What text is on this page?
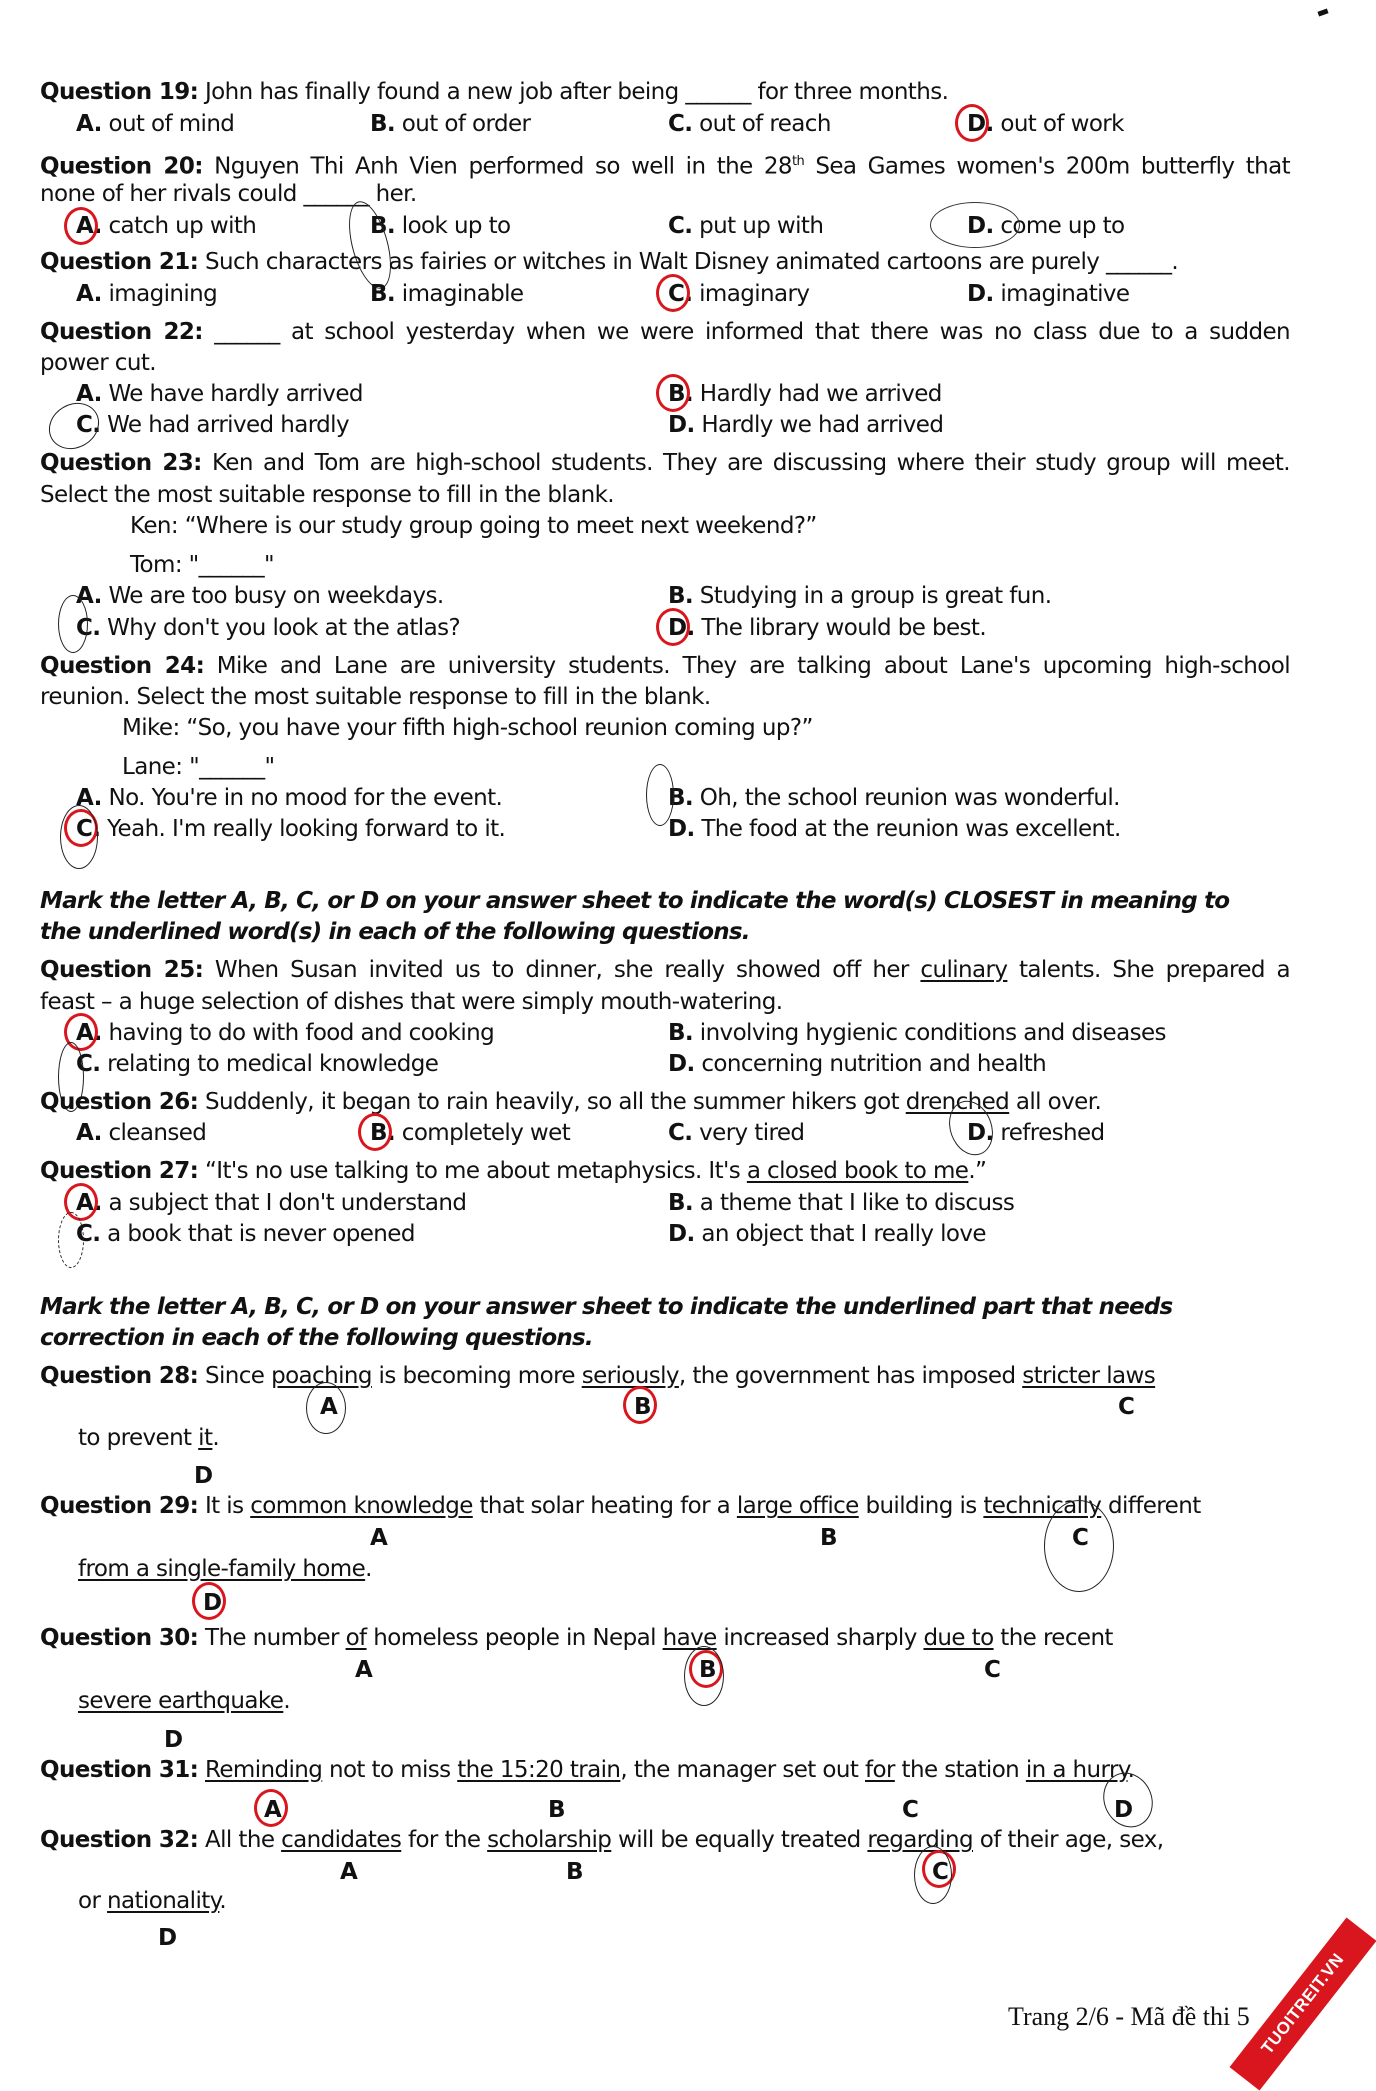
Question 19: John has finally found a new job after being ______ for three months.
A. out of mind	B. out of order	C. out of reach	D. out of work
Question 20: Nguyen Thi Anh Vien performed so well in the 28th Sea Games women's 200m butterfly that
none of her rivals could ______ her.
A. catch up with	B. look up to	C. put up with	D. come up to
Question 21: Such characters as fairies or witches in Walt Disney animated cartoons are purely ______.
A. imagining	B. imaginable	C. imaginary	D. imaginative
Question 22: ______ at school yesterday when we were informed that there was no class due to a sudden
power cut.
A. We have hardly arrived	B. Hardly had we arrived
C. We had arrived hardly	D. Hardly we had arrived
Question 23: Ken and Tom are high-school students. They are discussing where their study group will meet.
Select the most suitable response to fill in the blank.
Ken: “Where is our study group going to meet next weekend?”
Tom: "______"
A. We are too busy on weekdays.	B. Studying in a group is great fun.
C. Why don't you look at the atlas?	D. The library would be best.
Question 24: Mike and Lane are university students. They are talking about Lane's upcoming high-school
reunion. Select the most suitable response to fill in the blank.
Mike: “So, you have your fifth high-school reunion coming up?”
Lane: "______"
A. No. You're in no mood for the event.	B. Oh, the school reunion was wonderful.
C. Yeah. I'm really looking forward to it.	D. The food at the reunion was excellent.
Mark the letter A, B, C, or D on your answer sheet to indicate the word(s) CLOSEST in meaning to
the underlined word(s) in each of the following questions.
Question 25: When Susan invited us to dinner, she really showed off her culinary talents. She prepared a
feast – a huge selection of dishes that were simply mouth-watering.
A. having to do with food and cooking	B. involving hygienic conditions and diseases
C. relating to medical knowledge	D. concerning nutrition and health
Question 26: Suddenly, it began to rain heavily, so all the summer hikers got drenched all over.
A. cleansed	B. completely wet	C. very tired	D. refreshed
Question 27: “It's no use talking to me about metaphysics. It's a closed book to me.”
A. a subject that I don't understand	B. a theme that I like to discuss
C. a book that is never opened	D. an object that I really love
Mark the letter A, B, C, or D on your answer sheet to indicate the underlined part that needs
correction in each of the following questions.
Question 28: Since poaching is becoming more seriously, the government has imposed stricter laws
A	B	C
to prevent it.
D
Question 29: It is common knowledge that solar heating for a large office building is technically different
A	B	C
from a single-family home.
D
Question 30: The number of homeless people in Nepal have increased sharply due to the recent
A	B	C
severe earthquake.
D
Question 31: Reminding not to miss the 15:20 train, the manager set out for the station in a hurry.
A	B	C	D
Question 32: All the candidates for the scholarship will be equally treated regarding of their age, sex,
A	B	C
or nationality.
D
Trang 2/6 - Mã đề thi 5 TUOITREIT.VN
